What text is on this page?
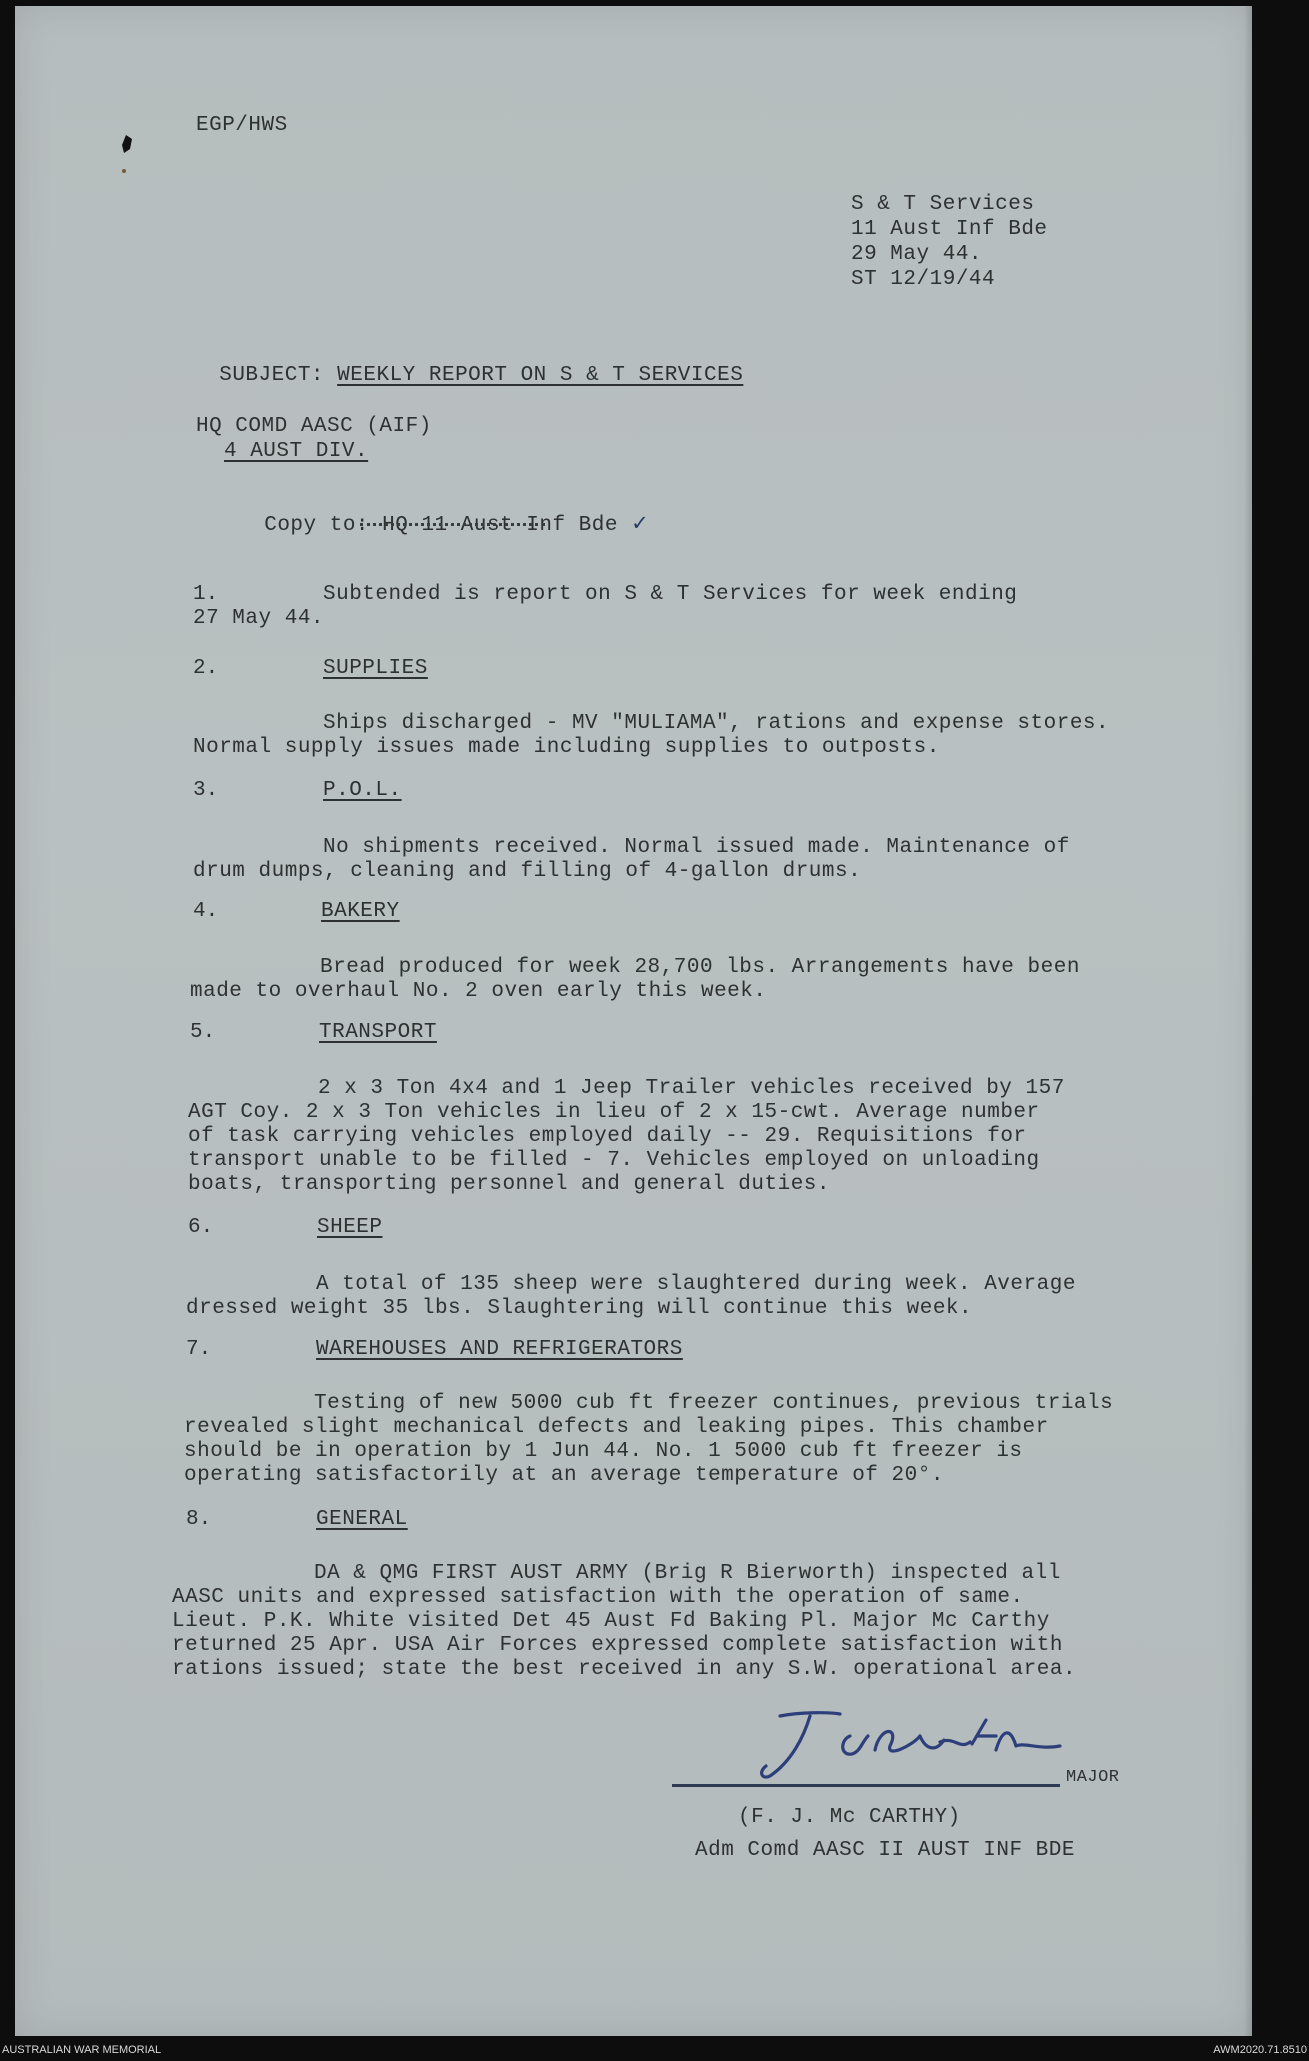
EGP/HWS
S & T Services
11 Aust Inf Bde
29 May 44.
ST 12/19/44

SUBJECT: WEEKLY REPORT ON S & T SERVICES

HQ COMD AASC (AIF)
4 AUST DIV.

Copy to: HQ 11 Aust Inf Bde ✓

1.	Subtended is report on S & T Services for week ending
27 May 44.
2.	SUPPLIES
Ships discharged - MV "MULIAMA", rations and expense stores.
Normal supply issues made including supplies to outposts.
3.	P.O.L.
No shipments received. Normal issued made. Maintenance of
drum dumps, cleaning and filling of 4-gallon drums.
4.	BAKERY
Bread produced for week 28,700 lbs. Arrangements have been
made to overhaul No. 2 oven early this week.
5.	TRANSPORT
2 x 3 Ton 4x4 and 1 Jeep Trailer vehicles received by 157
AGT Coy. 2 x 3 Ton vehicles in lieu of 2 x 15-cwt. Average number
of task carrying vehicles employed daily -- 29. Requisitions for
transport unable to be filled - 7. Vehicles employed on unloading
boats, transporting personnel and general duties.
6.	SHEEP
A total of 135 sheep were slaughtered during week. Average
dressed weight 35 lbs. Slaughtering will continue this week.
7.	WAREHOUSES AND REFRIGERATORS
Testing of new 5000 cub ft freezer continues, previous trials
revealed slight mechanical defects and leaking pipes. This chamber
should be in operation by 1 Jun 44. No. 1 5000 cub ft freezer is
operating satisfactorily at an average temperature of 20°.
8.	GENERAL
DA & QMG FIRST AUST ARMY (Brig R Bierworth) inspected all
AASC units and expressed satisfaction with the operation of same.
Lieut. P.K. White visited Det 45 Aust Fd Baking Pl. Major Mc Carthy
returned 25 Apr. USA Air Forces expressed complete satisfaction with
rations issued; state the best received in any S.W. operational area.
MAJOR
(F. J. Mc CARTHY)
Adm Comd AASC II AUST INF BDE
AUSTRALIAN WAR MEMORIAL	AWM2020.71.8510
